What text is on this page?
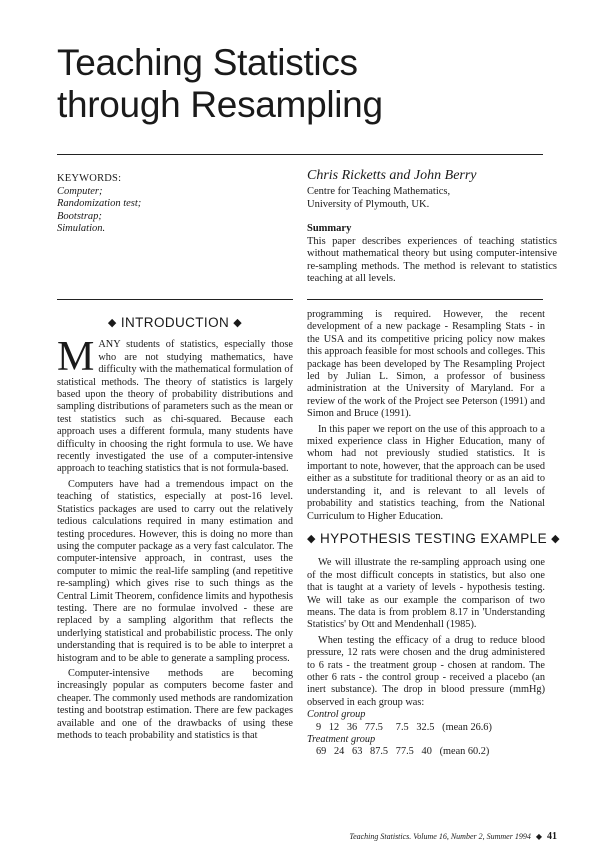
Teaching Statistics
through Resampling
KEYWORDS:
Computer;
Randomization test;
Bootstrap;
Simulation.
Chris Ricketts and John Berry
Centre for Teaching Mathematics,
University of Plymouth, UK.
Summary
This paper describes experiences of teaching statistics without mathematical theory but using computer-intensive re-sampling methods. The method is relevant to statistics teaching at all levels.
◆ INTRODUCTION ◆

MANY students of statistics, especially those who are not studying mathematics, have difficulty with the mathematical formulation of statistical methods. The theory of statistics is largely based upon the theory of probability distributions and sampling distributions of parameters such as the mean or test statistics such as chi-squared. Because each approach uses a different formula, many students have difficulty in choosing the right formula to use. We have recently investigated the use of a computer-intensive approach to teaching statistics that is not formula-based.

Computers have had a tremendous impact on the teaching of statistics, especially at post-16 level. Statistics packages are used to carry out the relatively tedious calculations required in many estimation and testing procedures. However, this is doing no more than using the computer package as a very fast calculator. The computer-intensive approach, in contrast, uses the computer to mimic the real-life sampling (and repetitive re-sampling) which gives rise to such things as the Central Limit Theorem, confidence limits and hypothesis testing. There are no formulae involved - these are replaced by a sampling algorithm that reflects the underlying statistical and probabilistic process. The only understanding that is required is to be able to interpret a histogram and to be able to generate a sampling process.

Computer-intensive methods are becoming increasingly popular as computers become faster and cheaper. The commonly used methods are randomization testing and bootstrap estimation. There are few packages available and one of the drawbacks of using these methods to teach probability and statistics is that

programming is required. However, the recent development of a new package - Resampling Stats - in the USA and its competitive pricing policy now makes this approach feasible for most schools and colleges. This package has been developed by The Resampling Project led by Julian L. Simon, a professor of business administration at the University of Maryland. For a review of the work of the Project see Peterson (1991) and Simon and Bruce (1991).

In this paper we report on the use of this approach to a mixed experience class in Higher Education, many of whom had not previously studied statistics. It is important to note, however, that the approach can be used either as a substitute for traditional theory or as an aid to understanding it, and is relevant to all levels of probability and statistics teaching, from the National Curriculum to Higher Education.

◆ HYPOTHESIS TESTING EXAMPLE ◆

We will illustrate the re-sampling approach using one of the most difficult concepts in statistics, but also one that is taught at a variety of levels - hypothesis testing. We will take as our example the comparison of two means. The data is from problem 8.17 in 'Understanding Statistics' by Ott and Mendenhall (1985).

When testing the efficacy of a drug to reduce blood pressure, 12 rats were chosen and the drug administered to 6 rats - the treatment group - chosen at random. The other 6 rats - the control group - received a placebo (an inert substance). The drop in blood pressure (mmHg) observed in each group was:

Control group

9   12   36   77.5     7.5   32.5   (mean 26.6)

Treatment group

69   24   63   87.5   77.5   40   (mean 60.2)

Teaching Statistics. Volume 16, Number 2, Summer 1994 ◆ 41
